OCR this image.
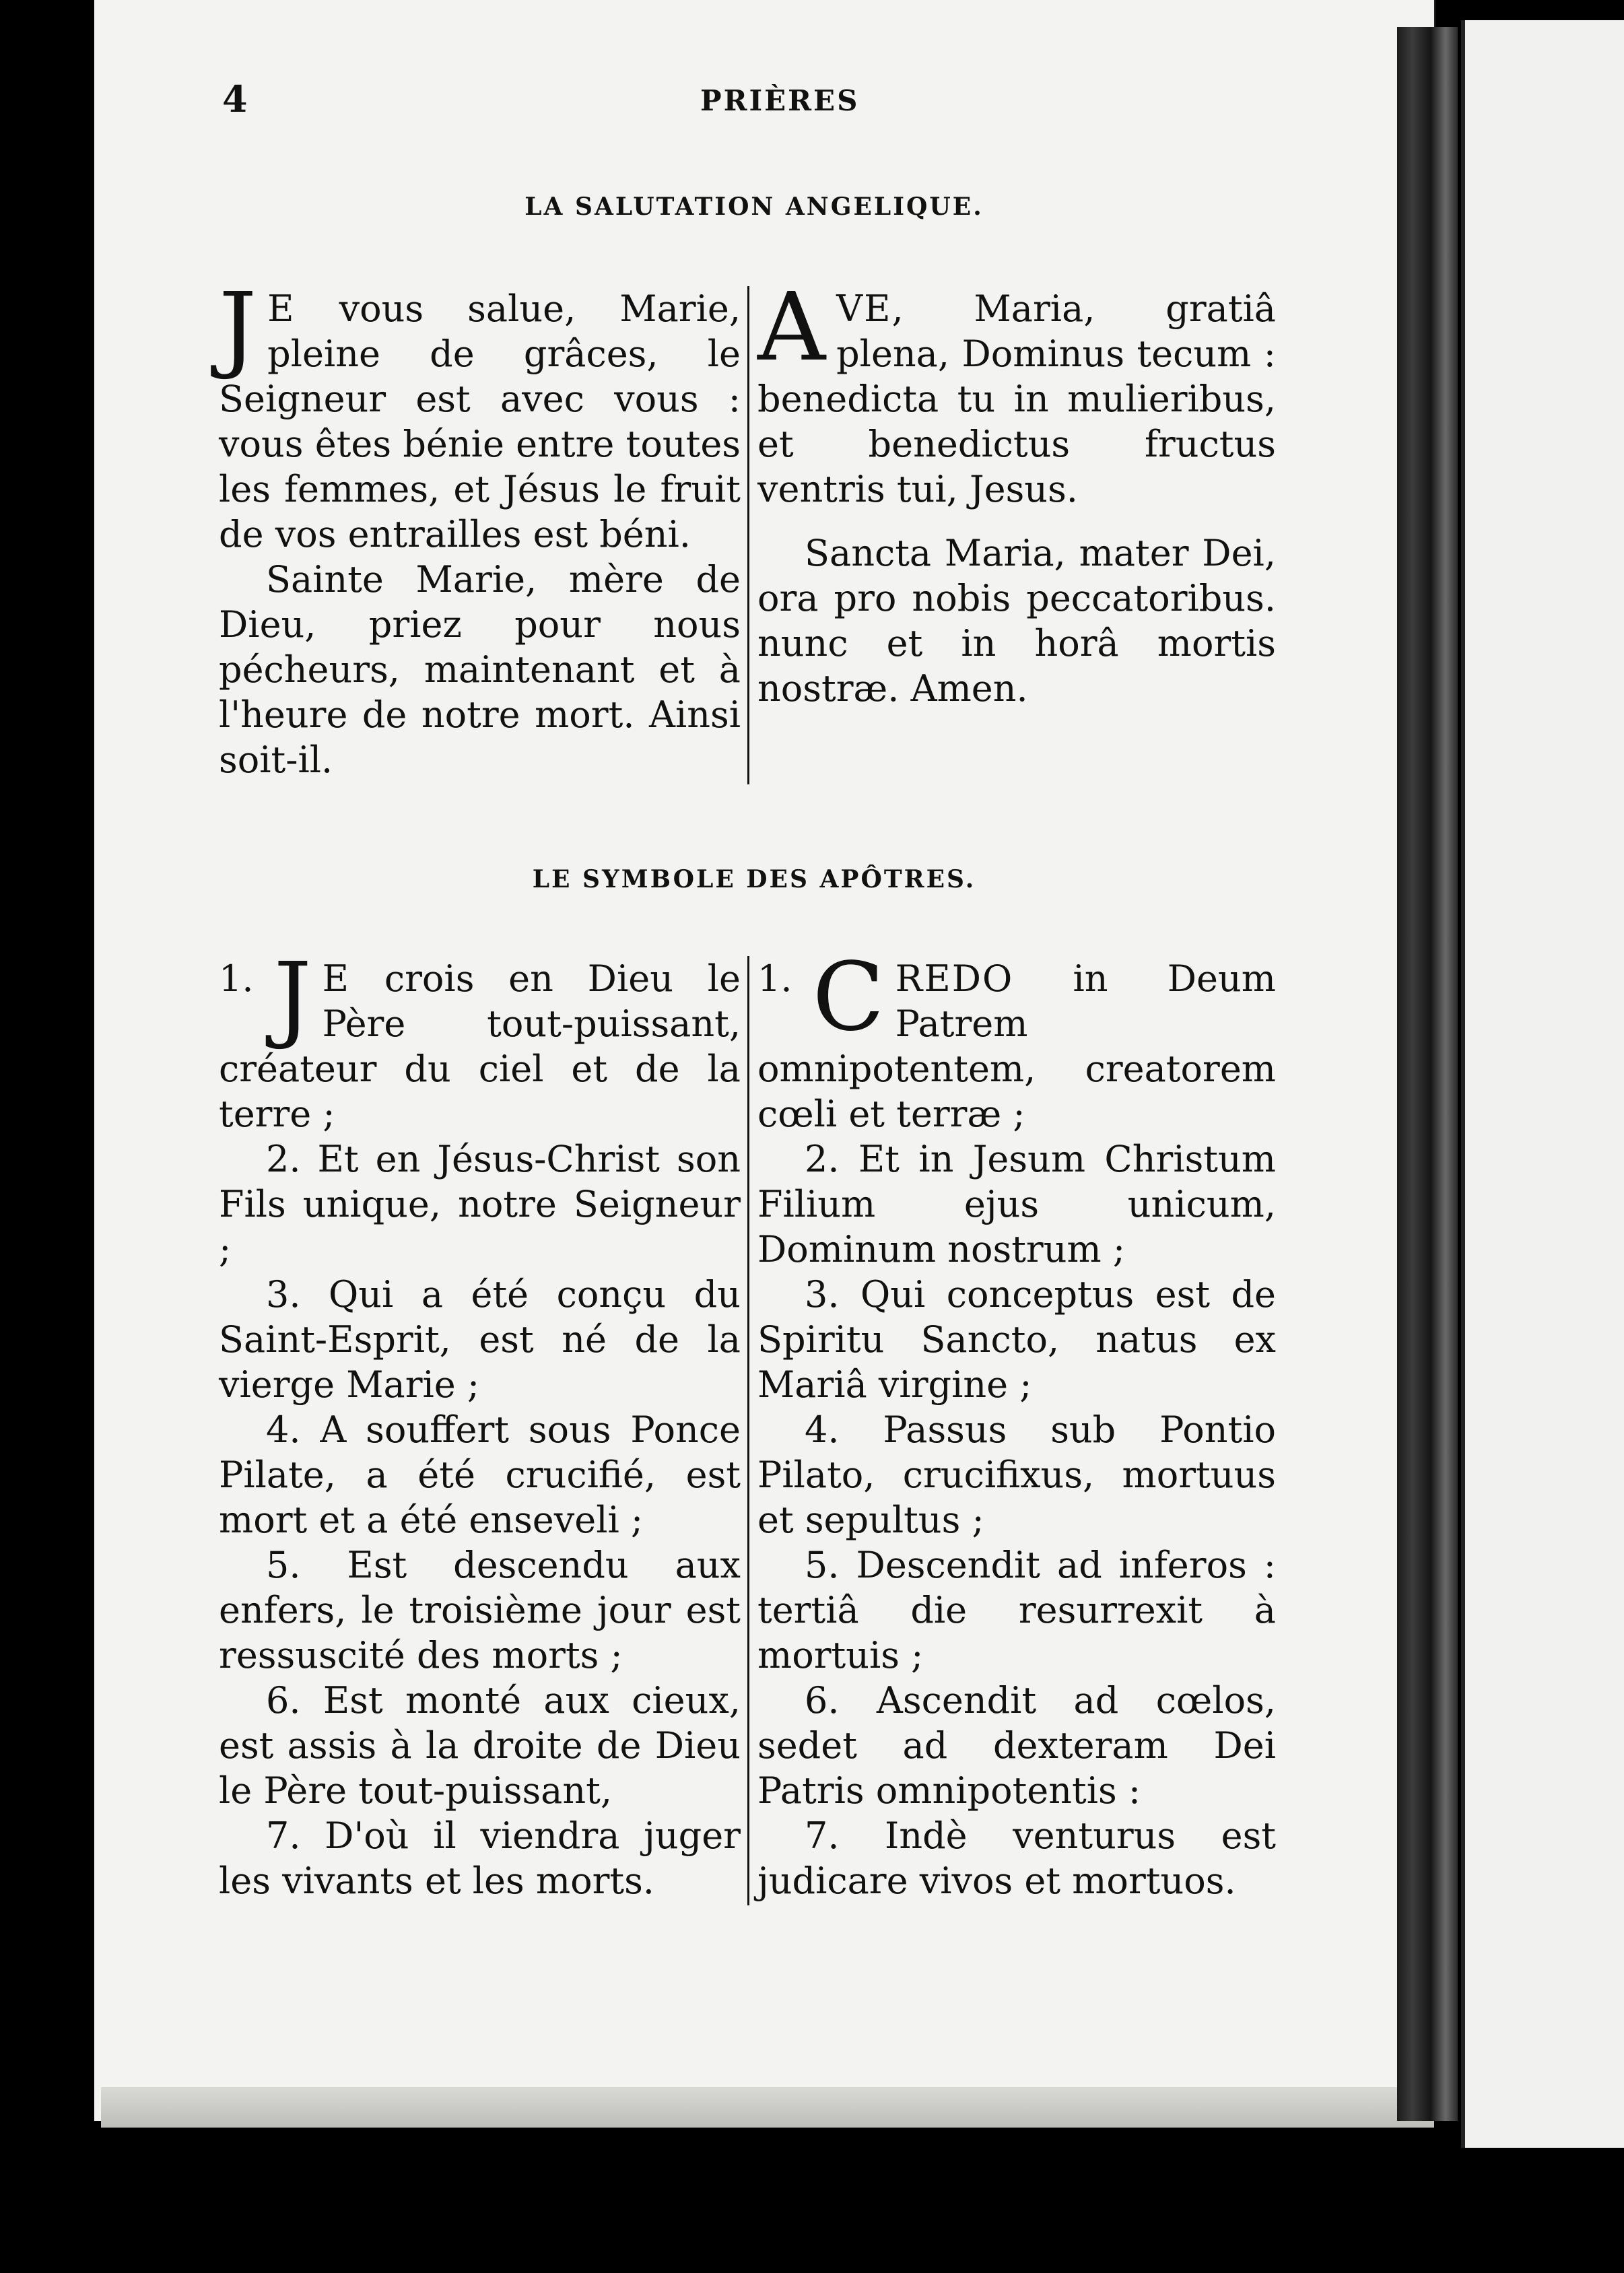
4	PRIÈRES
LA SALUTATION ANGELIQUE.

J E vous salue, Marie, pleine de grâces, le Seigneur est avec vous : vous êtes bénie entre toutes les femmes, et Jésus le fruit de vos entrailles est béni.

Sainte Marie, mère de Dieu, priez pour nous pécheurs, maintenant et à l'heure de notre mort. Ainsi soit-il.

AVE, Maria, gratiâ plena, Dominus tecum : benedicta tu in mulieribus, et benedictus fructus ventris tui, Jesus.

Sancta Maria, mater Dei, ora pro nobis peccatoribus. nunc et in horâ mortis nostræ. Amen.

LE SYMBOLE DES APÔTRES.

1. J E crois en Dieu le Père tout-puissant, créateur du ciel et de la terre ;

2. Et en Jésus-Christ son Fils unique, notre Seigneur ;

3. Qui a été conçu du Saint-Esprit, est né de la vierge Marie ;

4. A souffert sous Ponce Pilate, a été crucifié, est mort et a été enseveli ;

5. Est descendu aux enfers, le troisième jour est ressuscité des morts ;

6. Est monté aux cieux, est assis à la droite de Dieu le Père tout-puissant,

7. D'où il viendra juger les vivants et les morts.

1. C REDO in Deum Patrem omnipotentem, creatorem cœli et terræ ;

2. Et in Jesum Christum Filium ejus unicum, Dominum nostrum ;

3. Qui conceptus est de Spiritu Sancto, natus ex Mariâ virgine ;

4. Passus sub Pontio Pilato, crucifixus, mortuus et sepultus ;

5. Descendit ad inferos : tertiâ die resurrexit à mortuis ;

6. Ascendit ad cœlos, sedet ad dexteram Dei Patris omnipotentis :

7. Indè venturus est judicare vivos et mortuos.
